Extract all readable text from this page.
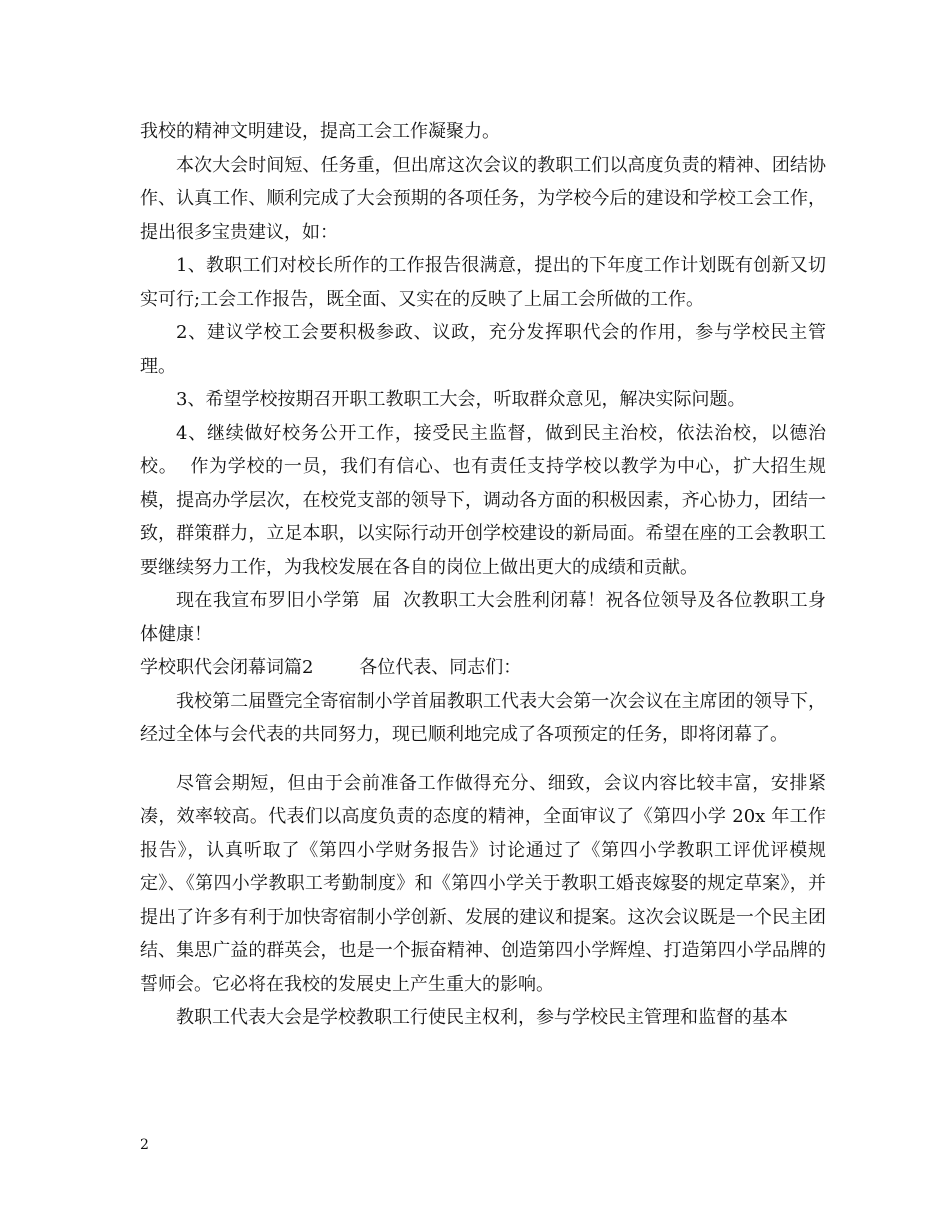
我校的精神文明建设，提高工会工作凝聚力。

本次大会时间短、任务重，但出席这次会议的教职工们以高度负责的精神、团结协作、认真工作、顺利完成了大会预期的各项任务，为学校今后的建设和学校工会工作，提出很多宝贵建议，如：

1、教职工们对校长所作的工作报告很满意，提出的下年度工作计划既有创新又切实可行;工会工作报告，既全面、又实在的反映了上届工会所做的工作。

2、建议学校工会要积极参政、议政，充分发挥职代会的作用，参与学校民主管理。

3、希望学校按期召开职工教职工大会，听取群众意见，解决实际问题。

4、继续做好校务公开工作，接受民主监督，做到民主治校，依法治校，以德治校。  作为学校的一员，我们有信心、也有责任支持学校以教学为中心，扩大招生规模，提高办学层次，在校党支部的领导下，调动各方面的积极因素，齐心协力，团结一致，群策群力，立足本职，以实际行动开创学校建设的新局面。希望在座的工会教职工要继续努力工作，为我校发展在各自的岗位上做出更大的成绩和贡献。

现在我宣布罗旧小学第  届  次教职工大会胜利闭幕！祝各位领导及各位教职工身体健康！

学校职代会闭幕词篇2        各位代表、同志们：

我校第二届暨完全寄宿制小学首届教职工代表大会第一次会议在主席团的领导下，经过全体与会代表的共同努力，现已顺利地完成了各项预定的任务，即将闭幕了。

尽管会期短，但由于会前准备工作做得充分、细致，会议内容比较丰富，安排紧凑，效率较高。代表们以高度负责的态度的精神，全面审议了《第四小学 20x 年工作报告》，认真听取了《第四小学财务报告》讨论通过了《第四小学教职工评优评模规定》、《第四小学教职工考勤制度》和《第四小学关于教职工婚丧嫁娶的规定草案》，并提出了许多有利于加快寄宿制小学创新、发展的建议和提案。这次会议既是一个民主团结、集思广益的群英会，也是一个振奋精神、创造第四小学辉煌、打造第四小学品牌的誓师会。它必将在我校的发展史上产生重大的影响。

教职工代表大会是学校教职工行使民主权利，参与学校民主管理和监督的基本

2
